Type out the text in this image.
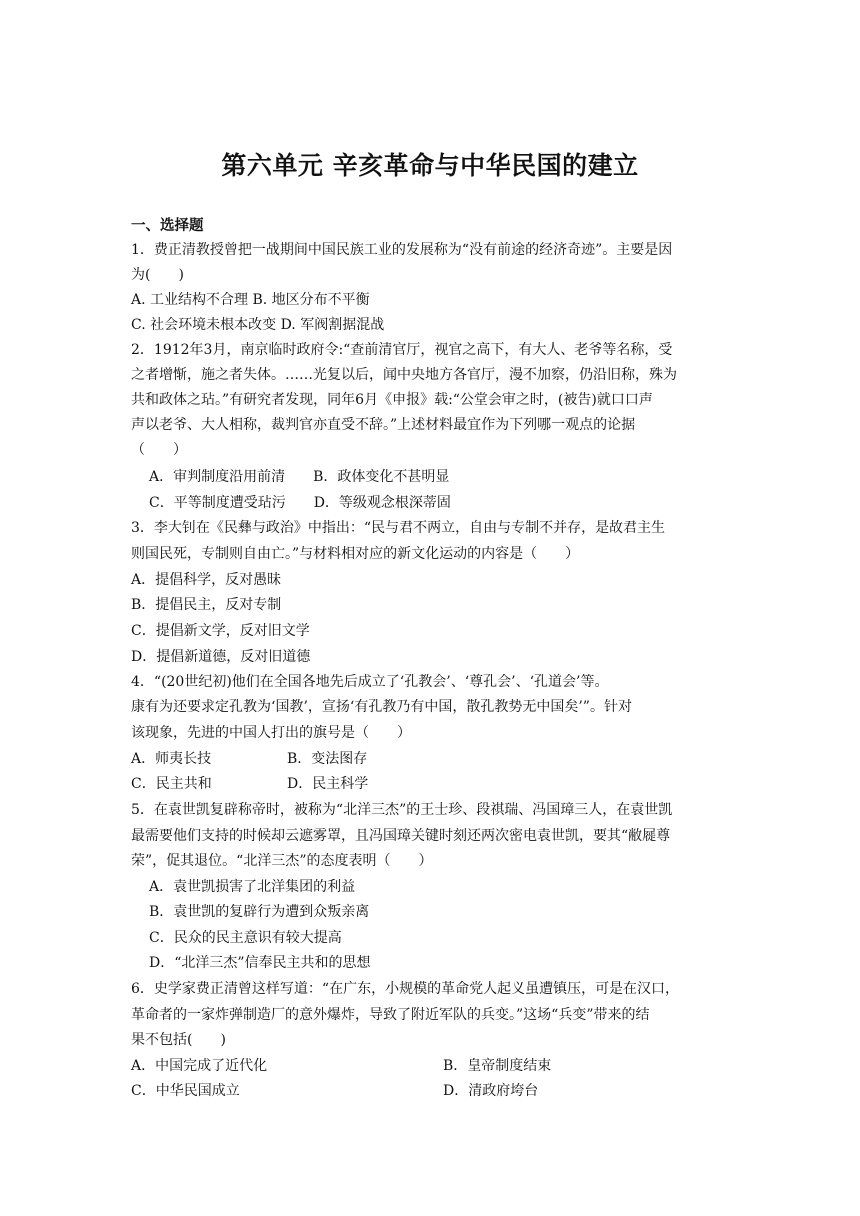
第六单元 辛亥革命与中华民国的建立
一、选择题
1．费正清教授曾把一战期间中国民族工业的发展称为“没有前途的经济奇迹”。主要是因
为(　　)
A. 工业结构不合理 B. 地区分布不平衡
C. 社会环境未根本改变 D. 军阀割据混战
2．1912年3月，南京临时政府令:“查前清官厅，视官之高下，有大人、老爷等名称，受
之者增惭，施之者失体。……光复以后，闻中央地方各官厅，漫不加察，仍沿旧称，殊为
共和政体之玷。”有研究者发现，同年6月《申报》载:“公堂会审之时，(被告)就口口声
声以老爷、大人相称，裁判官亦直受不辞。”上述材料最宜作为下列哪一观点的论据
（　　）
A．审判制度沿用前清　　B．政体变化不甚明显
C．平等制度遭受玷污　　D．等级观念根深蒂固
3．李大钊在《民彝与政治》中指出：“民与君不两立，自由与专制不并存，是故君主生
则国民死，专制则自由亡。”与材料相对应的新文化运动的内容是（　　）
A．提倡科学，反对愚昧
B．提倡民主，反对专制
C．提倡新文学，反对旧文学
D．提倡新道德，反对旧道德
4．“(20世纪初)他们在全国各地先后成立了‘孔教会’、‘尊孔会’、‘孔道会’等。
康有为还要求定孔教为‘国教’，宣扬‘有孔教乃有中国，散孔教势无中国矣’”。针对
该现象，先进的中国人打出的旗号是（　　）
A．师夷长技	B．变法图存
C．民主共和	D．民主科学
5．在袁世凯复辟称帝时，被称为“北洋三杰”的王士珍、段祺瑞、冯国璋三人，在袁世凯
最需要他们支持的时候却云遮雾罩，且冯国璋关键时刻还两次密电袁世凯，要其“敝屣尊
荣”，促其退位。“北洋三杰”的态度表明（　　）
A．袁世凯损害了北洋集团的利益
B．袁世凯的复辟行为遭到众叛亲离
C．民众的民主意识有较大提高
D．“北洋三杰”信奉民主共和的思想
6．史学家费正清曾这样写道：“在广东，小规模的革命党人起义虽遭镇压，可是在汉口，
革命者的一家炸弹制造厂的意外爆炸，导致了附近军队的兵变。”这场“兵变”带来的结
果不包括(　　)
A．中国完成了近代化	B．皇帝制度结束
C．中华民国成立	D．清政府垮台
